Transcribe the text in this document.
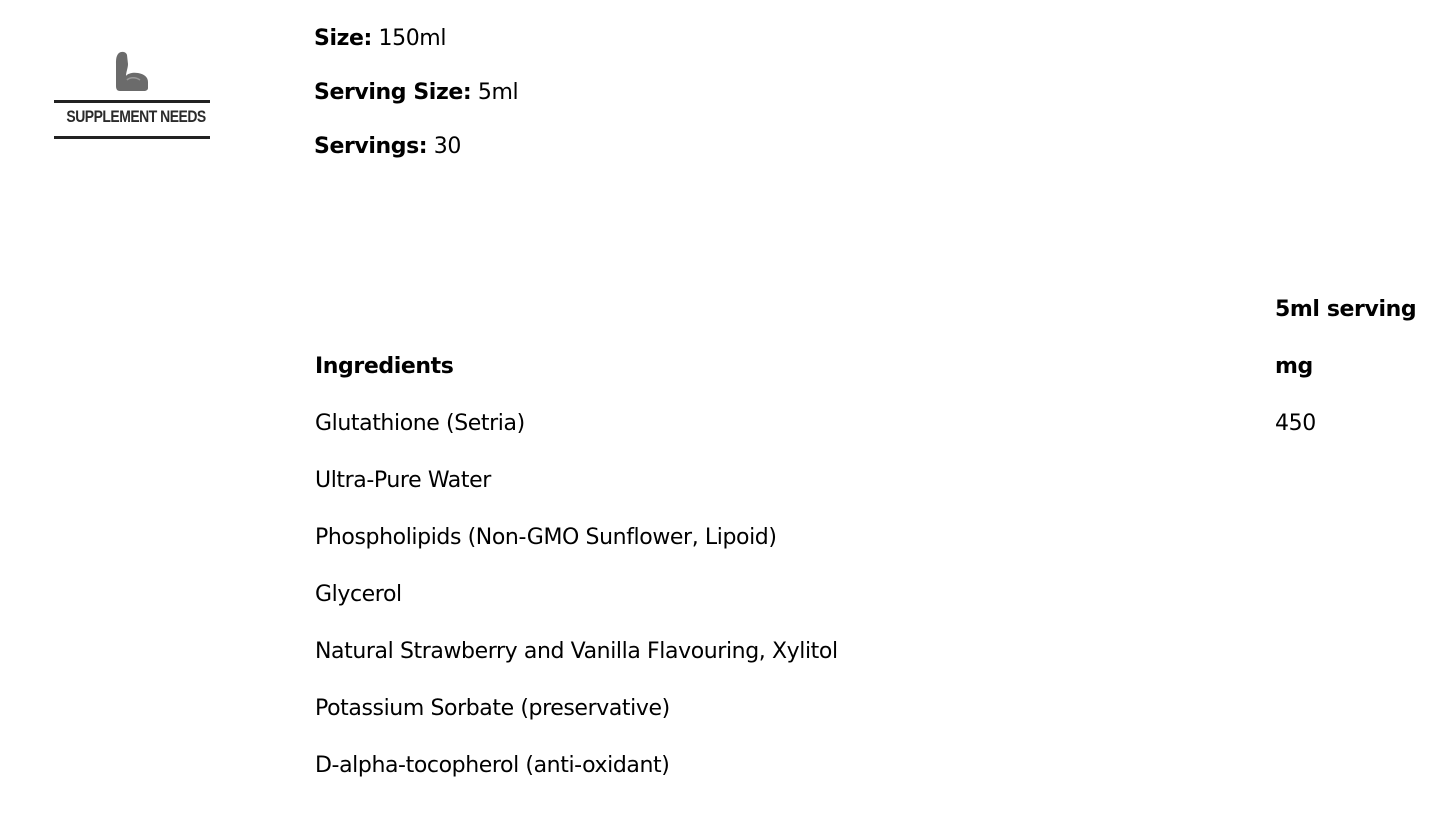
SUPPLEMENT NEEDS
Size: 150ml
Serving Size: 5ml
Servings: 30
5ml serving
Ingredients	mg
Glutathione (Setria)	450
Ultra-Pure Water
Phospholipids (Non-GMO Sunflower, Lipoid)
Glycerol
Natural Strawberry and Vanilla Flavouring, Xylitol
Potassium Sorbate (preservative)
D-alpha-tocopherol (anti-oxidant)
